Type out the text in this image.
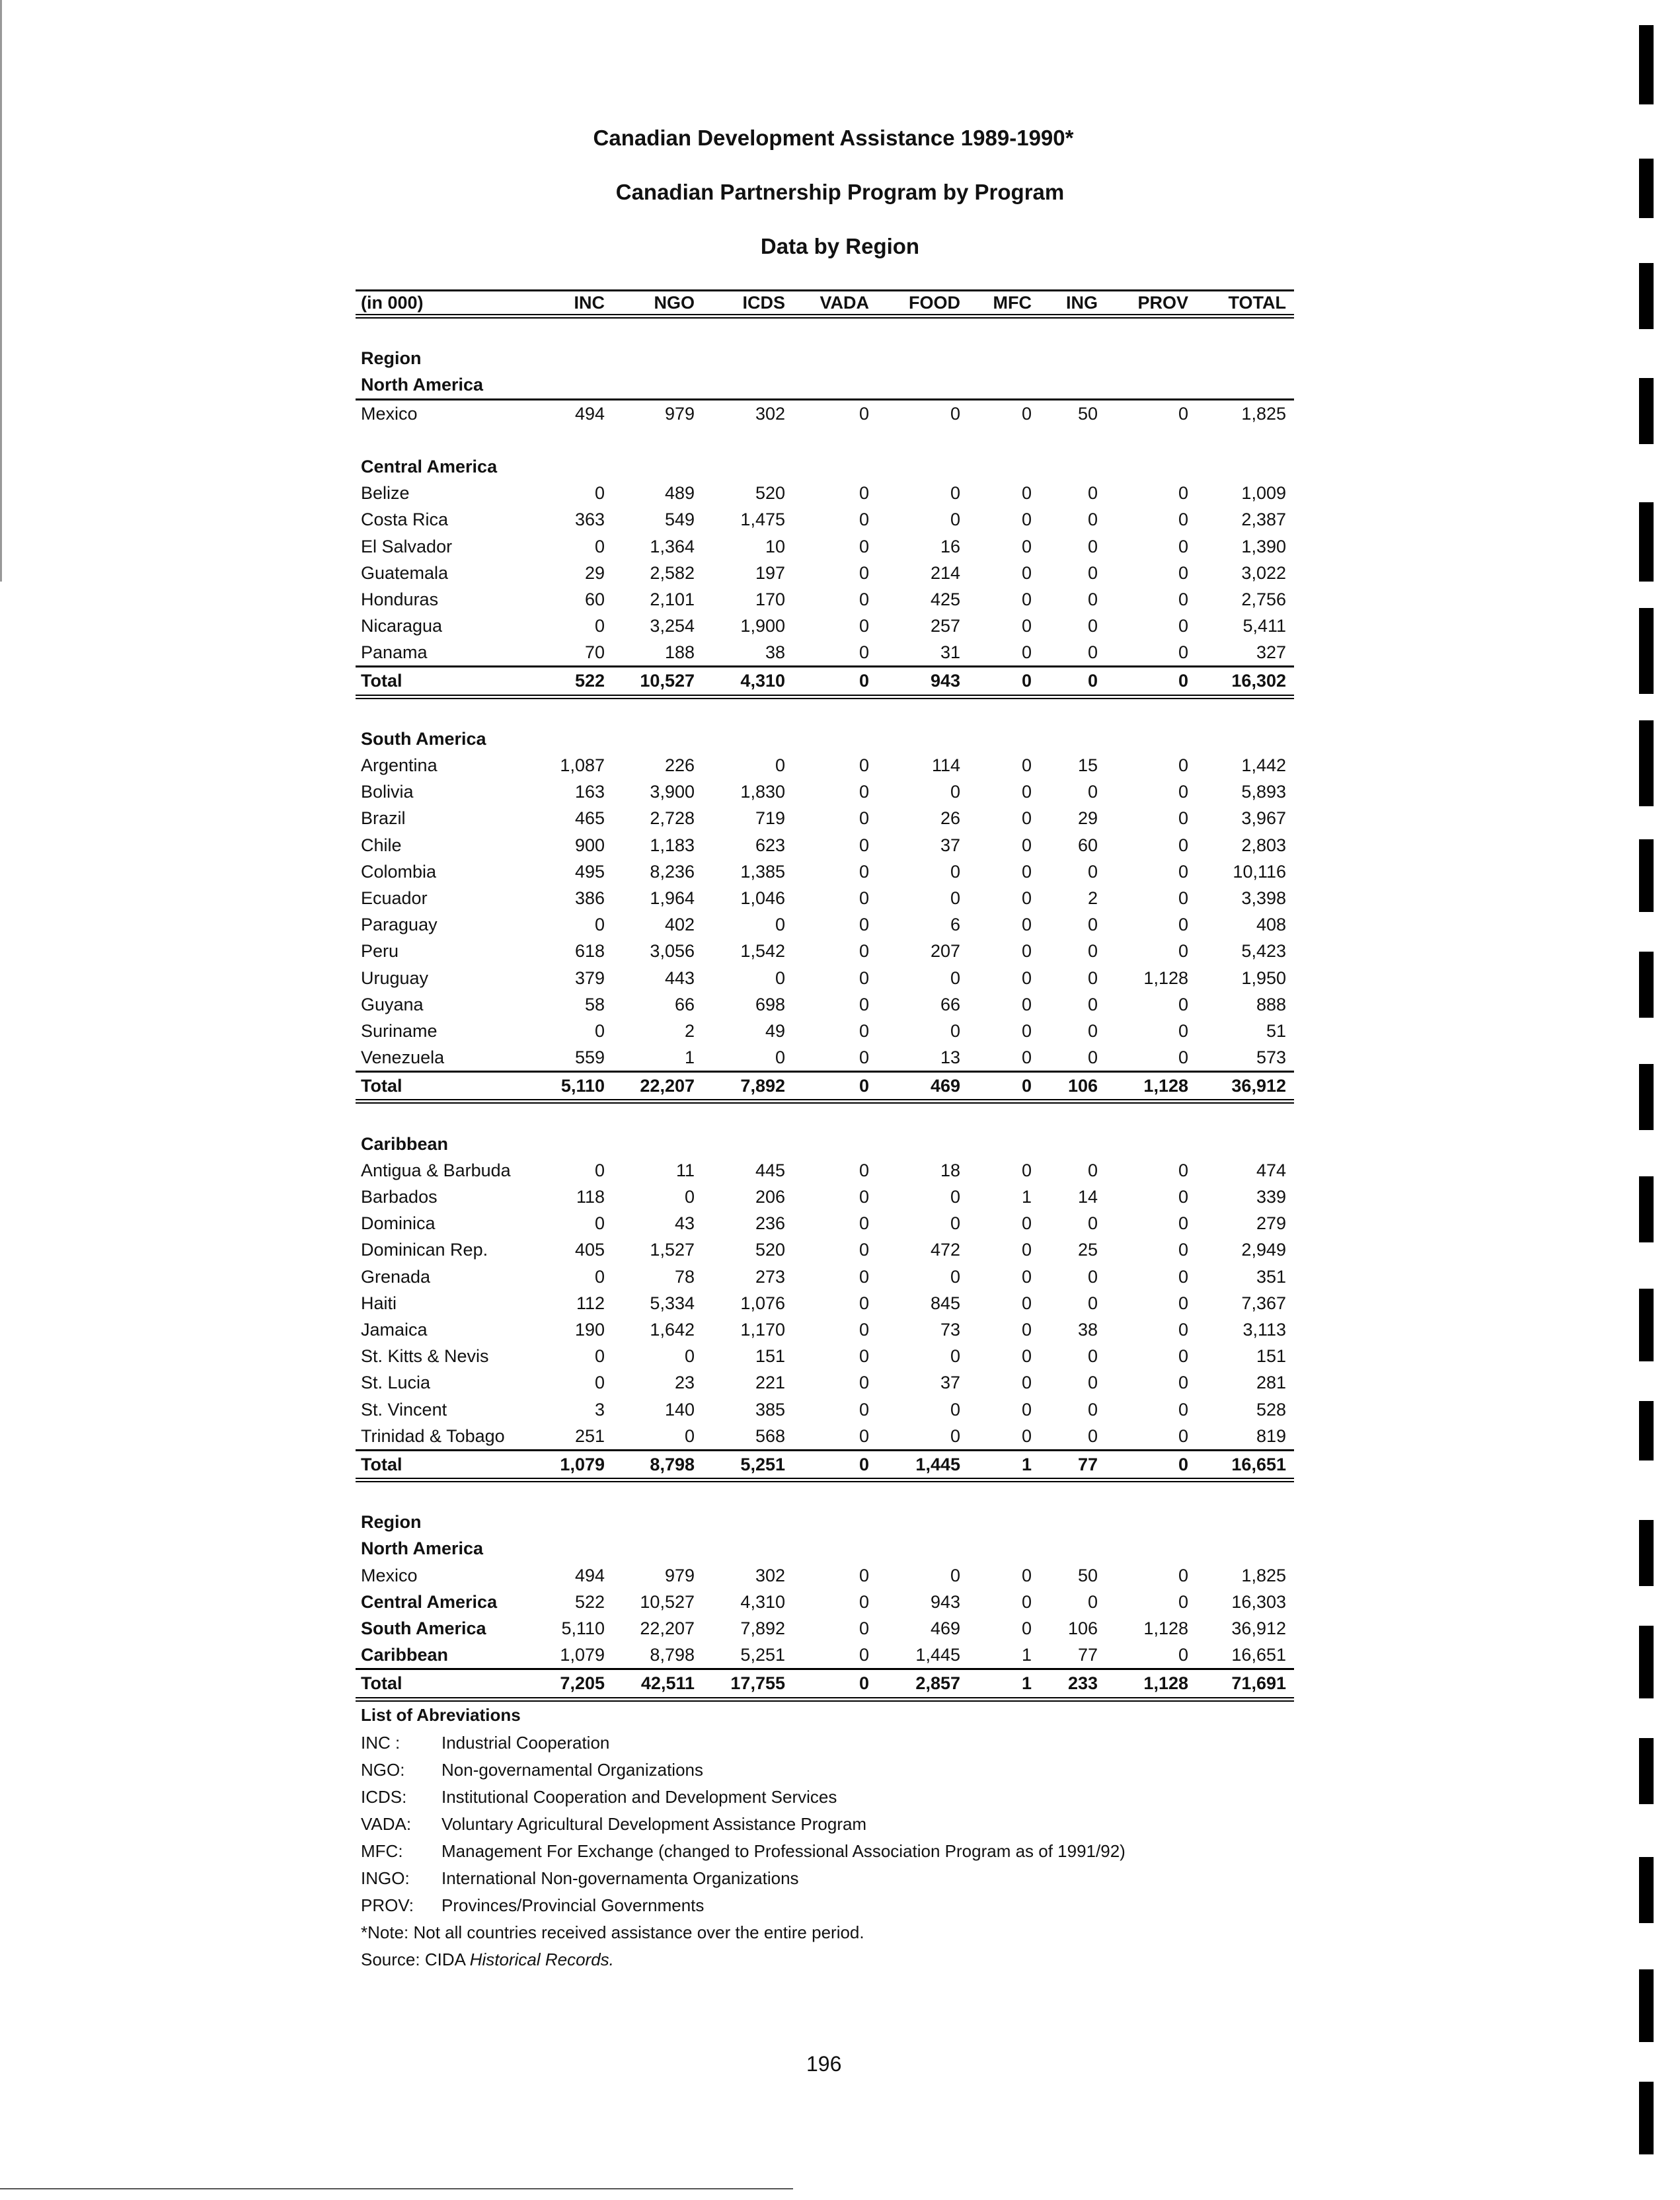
Canadian Development Assistance 1989-1990*
Canadian Partnership Program by Program
Data by Region
(in 000)	INC	NGO	ICDS VADA FOOD MFC ING PROV TOTAL
Region
North America
Mexico	494	979	302	0	0	0	50	0	1,825
Central America
Belize	0	489	520	0	0	0	0	0	1,009
Costa Rica	363	549	1,475	0	0	0	0	0	2,387
El Salvador	0	1,364	10	0	16	0	0	0	1,390
Guatemala	29	2,582	197	0	214	0	0	0	3,022
Honduras	60	2,101	170	0	425	0	0	0	2,756
Nicaragua	0	3,254	1,900	0	257	0	0	0	5,411
Panama	70	188	38	0	31	0	0	0	327
Total	522 10,527	4,310	0	943	0	0	0 16,302
South America
Argentina	1,087	226	0	0	114	0	15	0	1,442
Bolivia	163	3,900	1,830	0	0	0	0	0	5,893
Brazil	465	2,728	719	0	26	0	29	0	3,967
Chile	900	1,183	623	0	37	0	60	0	2,803
Colombia	495	8,236	1,385	0	0	0	0	0 10,116
Ecuador	386	1,964	1,046	0	0	0	2	0	3,398
Paraguay	0	402	0	0	6	0	0	0	408
Peru	618	3,056	1,542	0	207	0	0	0	5,423
Uruguay	379	443	0	0	0	0	0	1,128	1,950
Guyana	58	66	698	0	66	0	0	0	888
Suriname	0	2	49	0	0	0	0	0	51
Venezuela	559	1	0	0	13	0	0	0	573
Total	5,110 22,207	7,892	0	469	0 106	1,128 36,912
Caribbean
Antigua & Barbuda	0	11	445	0	18	0	0	0	474
Barbados	118	0	206	0	0	1	14	0	339
Dominica	0	43	236	0	0	0	0	0	279
Dominican Rep.	405	1,527	520	0	472	0	25	0	2,949
Grenada	0	78	273	0	0	0	0	0	351
Haiti	112	5,334	1,076	0	845	0	0	0	7,367
Jamaica	190	1,642	1,170	0	73	0	38	0	3,113
St. Kitts & Nevis	0	0	151	0	0	0	0	0	151
St. Lucia	0	23	221	0	37	0	0	0	281
St. Vincent	3	140	385	0	0	0	0	0	528
Trinidad & Tobago	251	0	568	0	0	0	0	0	819
Total	1,079	8,798	5,251	0	1,445	1	77	0 16,651
Region
North America
Mexico	494	979	302	0	0	0	50	0	1,825
Central America	522 10,527	4,310	0	943	0	0	0 16,303
South America	5,110 22,207	7,892	0	469	0 106	1,128 36,912
Caribbean	1,079	8,798	5,251	0	1,445	1	77	0 16,651
Total	7,205 42,511 17,755	0	2,857	1 233	1,128 71,691
List of Abreviations
INC : Industrial Cooperation
NGO: Non-governamental Organizations
ICDS: Institutional Cooperation and Development Services
VADA: Voluntary Agricultural Development Assistance Program
MFC: Management For Exchange (changed to Professional Association Program as of 1991/92)
INGO: International Non-governamenta Organizations
PROV: Provinces/Provincial Governments
*Note: Not all countries received assistance over the entire period.
Source: CIDA Historical Records.
196
